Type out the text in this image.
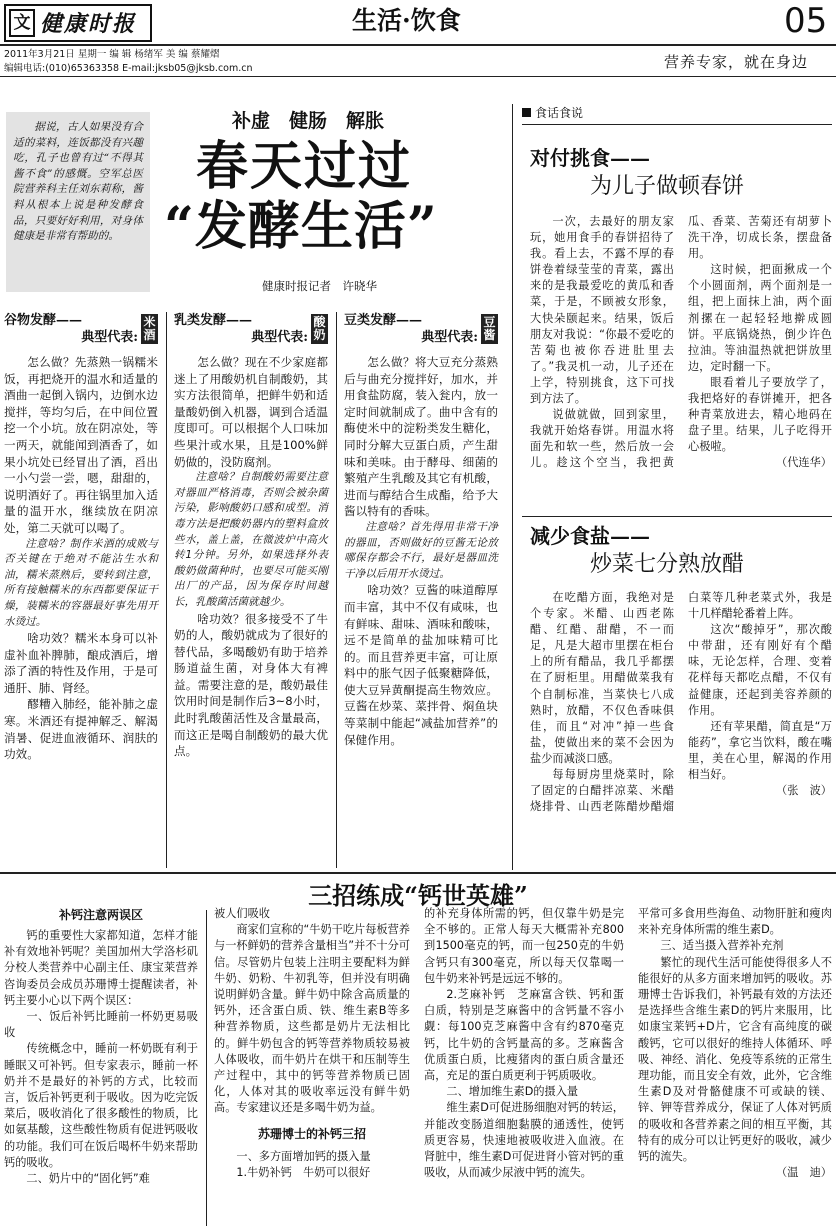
文 健康时报	生活·饮食	05
2011年3月21日 星期一 编 辑 杨绪军 美 编 蔡耀熠
编辑电话:(010)65363358 E-mail:jksb05@jksb.com.cn	营养专家，就在身边
据说，古人如果没有合适的菜料，连饭都没有兴趣吃，孔子也曾有过“不得其酱不食”的感慨。空军总医院营养科主任刘东莉称，酱料从根本上说是种发酵食品，只要好好利用，对身体健康是非常有帮助的。
补虚　健肠　解胀
春天过过
“发酵生活”
健康时报记者　许晓华
谷物发酵——
典型代表:
米酒

怎么做？先蒸熟一锅糯米饭，再把烧开的温水和适量的酒曲一起倒入锅内，边倒水边搅拌，等均匀后，在中间位置挖一个小坑。放在阴凉处，等一两天，就能闻到酒香了，如果小坑处已经冒出了酒，舀出一小勺尝一尝，嗯，甜甜的，说明酒好了。再往锅里加入适量的温开水，继续放在阴凉处，第二天就可以喝了。

注意啥？制作米酒的成败与否关键在于绝对不能沾生水和油，糯米蒸熟后，要转到注意，所有接触糯米的东西都要保证干燥，装糯米的容器最好事先用开水烫过。

啥功效？糯米本身可以补虚补血补脾肺，酿成酒后，增添了酒的特性及作用，于是可通肝、肺、肾经。

醪糟入肺经，能补肺之虚寒。米酒还有提神解乏、解渴消暑、促进血液循环、润肤的功效。

乳类发酵——
典型代表:
酸奶

怎么做？现在不少家庭都迷上了用酸奶机自制酸奶，其实方法很简单，把鲜牛奶和适量酸奶倒入机器，调到合适温度即可。可以根据个人口味加些果汁或水果，且是100%鲜奶做的，没防腐剂。

注意啥？自制酸奶需要注意对器皿严格消毒，否则会被杂菌污染，影响酸奶口感和成型。消毒方法是把酸奶器内的塑料盒放些水，盖上盖，在微波炉中高火转1分钟。另外，如果选择外表酸奶做菌种时，也要尽可能买刚出厂的产品，因为保存时间越长，乳酸菌活菌就越少。

啥功效？很多接受不了牛奶的人，酸奶就成为了很好的替代品，多喝酸奶有助于培养肠道益生菌，对身体大有裨益。需要注意的是，酸奶最佳饮用时间是制作后3~8小时，此时乳酸菌活性及含量最高，而这正是喝自制酸奶的最大优点。

豆类发酵——
典型代表:
豆酱

怎么做？将大豆充分蒸熟后与曲充分搅拌好，加水，并用食盐防腐，装入瓮内，放一定时间就制成了。曲中含有的酶使米中的淀粉类发生糖化，同时分解大豆蛋白质，产生甜味和美味。由于酵母、细菌的繁殖产生乳酸及其它有机酸，进而与醇结合生成酯，给予大酱以特有的香味。

注意啥？首先得用非常干净的器皿，否则做好的豆酱无论放哪保存都会不行，最好是器皿洗干净以后用开水烫过。

啥功效？豆酱的味道醇厚而丰富，其中不仅有咸味，也有鲜味、甜味、酒味和酸味，远不是简单的盐加味精可比的。而且营养更丰富，可让原料中的胀气因子低聚糖降低，使大豆异黄酮提高生物效应。豆酱在炒菜、菜拌骨、焖鱼块等菜制中能起“减盐加营养”的保健作用。

食话食说
对付挑食——
为儿子做顿春饼

一次，去最好的朋友家玩，她用食手的春饼招待了我。看上去，不露不厚的春饼卷着绿莹莹的青菜，露出来的是我最爱吃的黄瓜和香菜，于是，不顾被女形象，大快朵颐起来。结果，饭后朋友对我说：“你最不爱吃的苦菊也被你吞进肚里去了。”我灵机一动，儿子还在上学，特别挑食，这下可找到方法了。

说做就做，回到家里，我就开始烙春饼。用温水将面先和软一些，然后放一会儿。趁这个空当，我把黄瓜、香菜、苦菊还有胡萝卜洗干净，切成长条，摆盘备用。

这时候，把面揪成一个个小圆面剂，两个面剂是一组，把上面抹上油，两个面剂摞在一起轻轻地擀成圆饼。平底锅烧热，倒少许色拉油。等油温热就把饼放里边，定时翻一下。

眼看着儿子要放学了，我把烙好的春饼摊开，把各种青菜放进去，精心地码在盘子里。结果，儿子吃得开心极啦。

（代连华）
减少食盐——
炒菜七分熟放醋

在吃醋方面，我绝对是个专家。米醋、山西老陈醋、红醋、甜醋，不一而足，凡是大超市里摆在柜台上的所有醋品，我几乎都摆在了厨柜里。用醋做菜我有个自制标准，当菜快七八成熟时，放醋，不仅色香味俱佳，而且“对冲”掉一些食盐，使做出来的菜不会因为盐少而减淡口感。

每每厨房里烧菜时，除了固定的白醋拌凉菜、米醋烧排骨、山西老陈醋炒醋熘白菜等几种老菜式外，我是十几样醋轮番着上阵。

这次“酸掉牙”，那次酸中带甜，还有刚好有个醋味，无论怎样，合理、变着花样每天都吃点醋，不仅有益健康，还起到美容养颜的作用。

还有苹果醋，简直是“万能药”，拿它当饮料，酸在嘴里，美在心里，解渴的作用相当好。

（张　波）
三招练成“钙世英雄”
补钙注意两误区

钙的重要性大家都知道，怎样才能补有效地补钙呢？美国加州大学洛杉矶分校人类营养中心副主任、康宝莱营养咨询委员会成员苏珊博士提醒读者，补钙主要小心以下两个误区：

一、饭后补钙比睡前一杯奶更易吸收

传统概念中，睡前一杯奶既有利于睡眠又可补钙。但专家表示，睡前一杯奶并不是最好的补钙的方式，比较而言，饭后补钙更利于吸收。因为吃完饭菜后，吸收消化了很多酸性的物质，比如氨基酸，这些酸性物质有促进钙吸收的功能。我们可在饭后喝杯牛奶来帮助钙的吸收。

二、奶片中的“固化钙”难

被人们吸收

商家们宣称的“牛奶干吃片每板营养与一杯鲜奶的营养含量相当”并不十分可信。尽管奶片包装上注明主要配料为鲜牛奶、奶粉、牛初乳等，但并没有明确说明鲜奶含量。鲜牛奶中除含高质量的钙外，还含蛋白质、铁、维生素B等多种营养物质，这些都是奶片无法相比的。鲜牛奶包含的钙等营养物质较易被人体吸收，而牛奶片在烘干和压制等生产过程中，其中的钙等营养物质已固化，人体对其的吸收率远没有鲜牛奶高。专家建议还是多喝牛奶为益。

苏珊博士的补钙三招

一、多方面增加钙的摄入量

1.牛奶补钙　牛奶可以很好

的补充身体所需的钙，但仅靠牛奶是完全不够的。正常人每天大概需补充800到1500毫克的钙，而一包250克的牛奶含钙只有300毫克，所以每天仅靠喝一包牛奶来补钙是远远不够的。

2.芝麻补钙　芝麻富含铁、钙和蛋白质，特别是芝麻酱中的含钙量不容小觑：每100克芝麻酱中含有约870毫克钙，比牛奶的含钙量高的多。芝麻酱含优质蛋白质，比瘦猪肉的蛋白质含量还高，充足的蛋白质更利于钙质吸收。

二、增加维生素D的摄入量

维生素D可促进肠细胞对钙的转运，并能改变肠道细胞黏膜的通透性，使钙质更容易，快速地被吸收进入血液。在肾脏中，维生素D可促进肾小管对钙的重吸收，从而减少尿液中钙的流失。

平常可多食用些海鱼、动物肝脏和瘦肉来补充身体所需的维生素D。

三、适当摄入营养补充剂

繁忙的现代生活可能使得很多人不能很好的从多方面来增加钙的吸收。苏珊博士告诉我们，补钙最有效的方法还是选择些含维生素D的钙片来服用，比如康宝莱钙+D片，它含有高纯度的碳酸钙，它可以很好的维持人体循环、呼吸、神经、消化、免疫等系统的正常生理功能，而且安全有效，此外，它含维生素D及对骨骼健康不可或缺的镁、锌、钾等营养成分，保证了人体对钙质的吸收和各营养素之间的相互平衡，其特有的成分可以让钙更好的吸收，减少钙的流失。

（温　迪）
